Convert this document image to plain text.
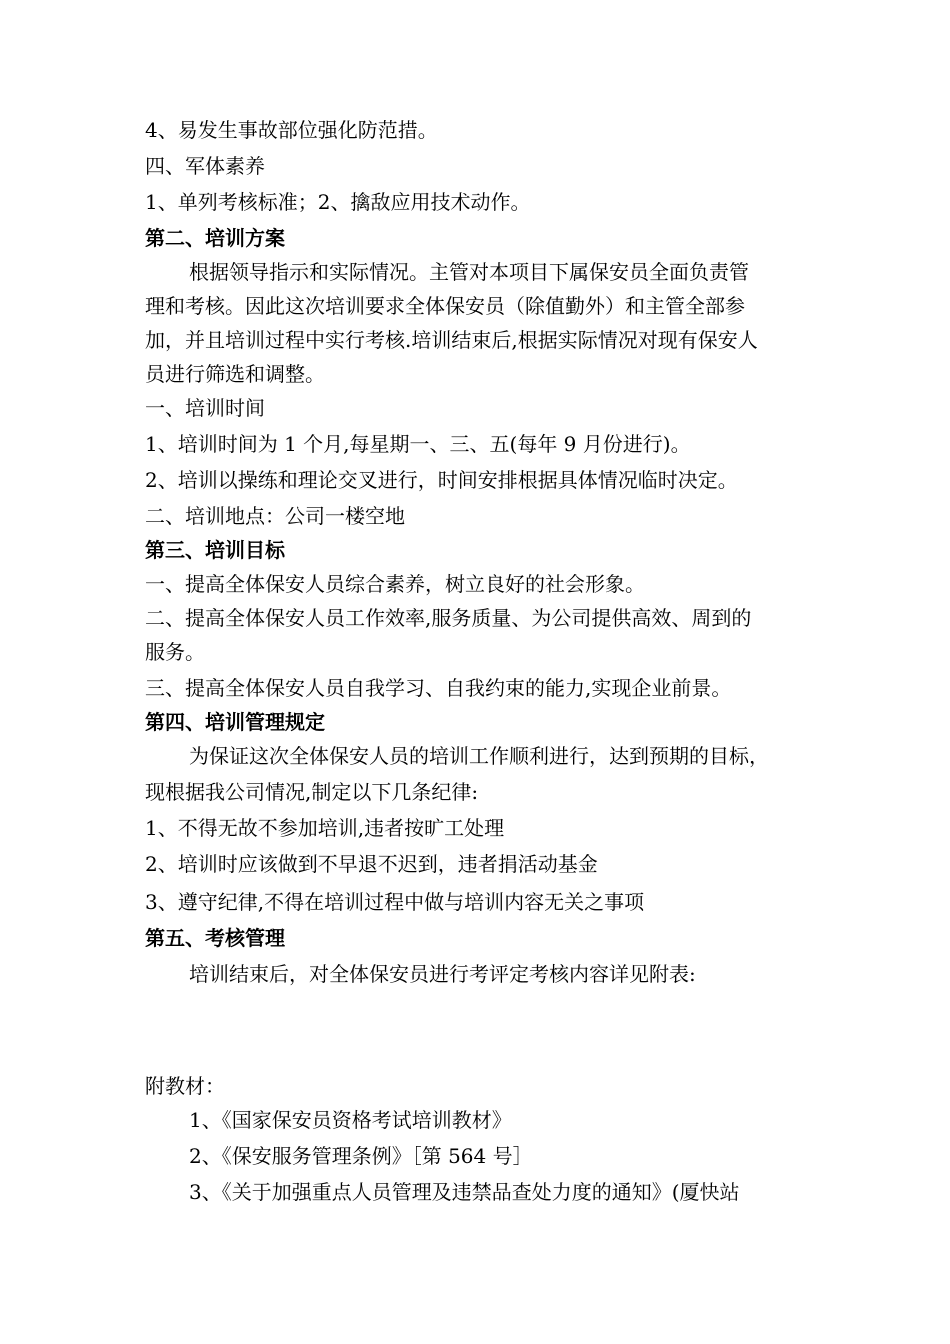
4、易发生事故部位强化防范措。
四、军体素养
1、单列考核标准；2、擒敌应用技术动作。
第二、培训方案
根据领导指示和实际情况。主管对本项目下属保安员全面负责管
理和考核。因此这次培训要求全体保安员（除值勤外）和主管全部参
加，并且培训过程中实行考核.培训结束后,根据实际情况对现有保安人
员进行筛选和调整。
一、培训时间
1、培训时间为 1 个月,每星期一、三、五(每年 9 月份进行)。
2、培训以操练和理论交叉进行，时间安排根据具体情况临时决定。
二、培训地点：公司一楼空地
第三、培训目标
一、提高全体保安人员综合素养，树立良好的社会形象。
二、提高全体保安人员工作效率,服务质量、为公司提供高效、周到的
服务。
三、提高全体保安人员自我学习、自我约束的能力,实现企业前景。
第四、培训管理规定
为保证这次全体保安人员的培训工作顺利进行，达到预期的目标，
现根据我公司情况,制定以下几条纪律:
1、不得无故不参加培训,违者按旷工处理
2、培训时应该做到不早退不迟到，违者捐活动基金
3、遵守纪律,不得在培训过程中做与培训内容无关之事项
第五、考核管理
培训结束后，对全体保安员进行考评定考核内容详见附表:
附教材：
1、《国家保安员资格考试培训教材》
2、《保安服务管理条例》［第 564 号］
3、《关于加强重点人员管理及违禁品查处力度的通知》(厦快站
